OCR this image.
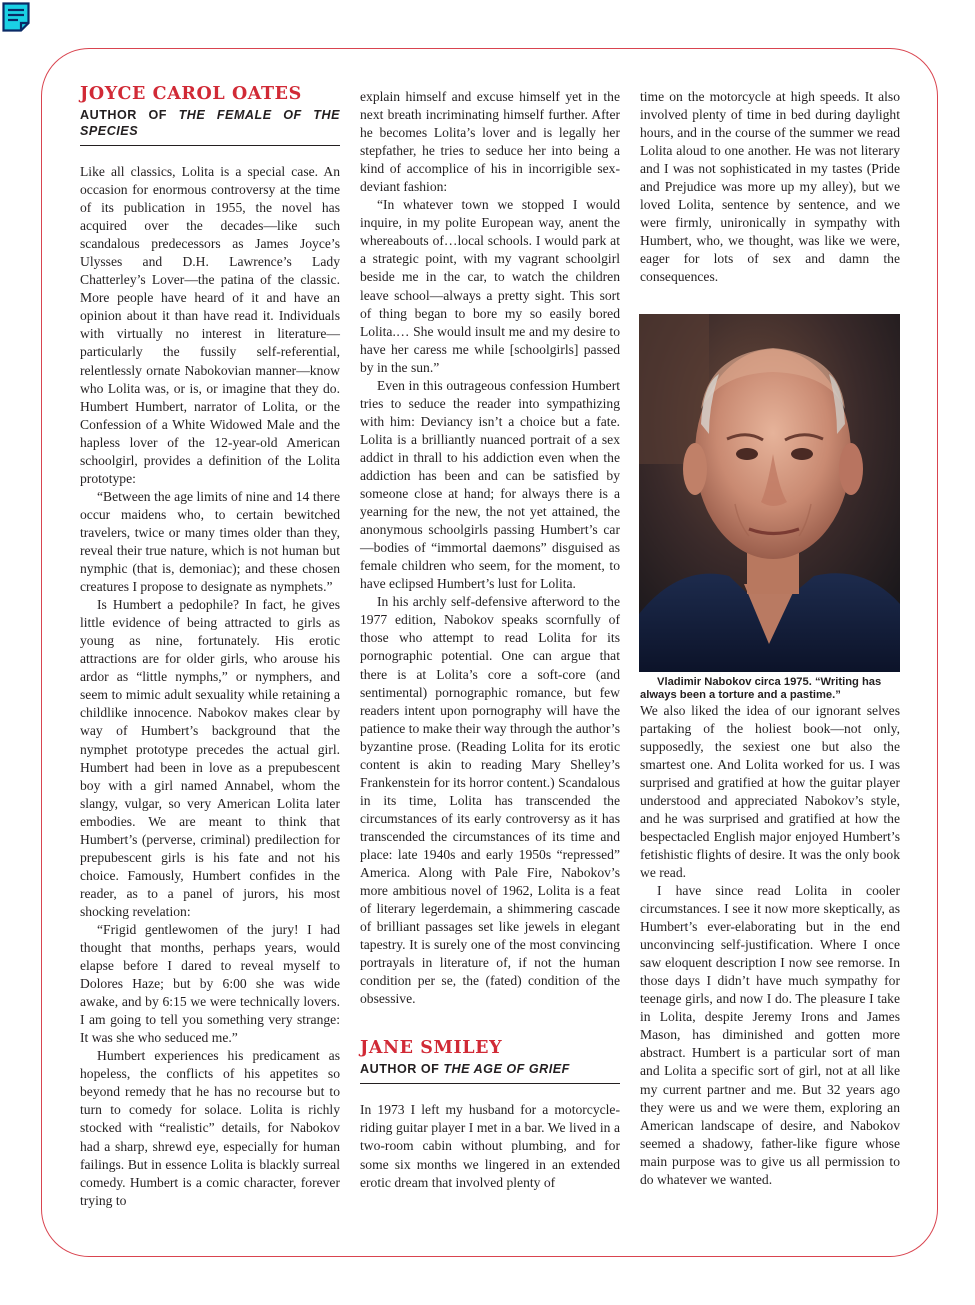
JOYCE CAROL OATES
AUTHOR OF THE FEMALE OF THE SPECIES

Like all classics, Lolita is a special case. An occasion for enormous controversy at the time of its publication in 1955, the novel has acquired over the decades—like such scandalous predecessors as James Joyce’s Ulysses and D.H. Lawrence’s Lady Chatterley’s Lover—the patina of the classic. More people have heard of it and have an opinion about it than have read it. Individuals with virtually no interest in literature—particularly the fussily self-referential, relentlessly ornate Nabokovian manner—know who Lolita was, or is, or imagine that they do. Humbert Humbert, narrator of Lolita, or the Confession of a White Widowed Male and the hapless lover of the 12-year-old American schoolgirl, provides a definition of the Lolita prototype:

“Between the age limits of nine and 14 there occur maidens who, to certain bewitched travelers, twice or many times older than they, reveal their true nature, which is not human but nymphic (that is, demoniac); and these chosen creatures I propose to designate as nymphets.”

Is Humbert a pedophile? In fact, he gives little evidence of being attracted to girls as young as nine, fortunately. His erotic attractions are for older girls, who arouse his ardor as “little nymphs,” or nymphers, and seem to mimic adult sexuality while retaining a childlike innocence. Nabokov makes clear by way of Humbert’s background that the nymphet prototype precedes the actual girl. Humbert had been in love as a prepubescent boy with a girl named Annabel, whom the slangy, vulgar, so very American Lolita later embodies. We are meant to think that Humbert’s (perverse, criminal) predilection for prepubescent girls is his fate and not his choice. Famously, Humbert confides in the reader, as to a panel of jurors, his most shocking revelation:

“Frigid gentlewomen of the jury! I had thought that months, perhaps years, would elapse before I dared to reveal myself to Dolores Haze; but by 6:00 she was wide awake, and by 6:15 we were technically lovers. I am going to tell you something very strange: It was she who seduced me.”

Humbert experiences his predicament as hopeless, the conflicts of his appetites so beyond remedy that he has no recourse but to turn to comedy for solace. Lolita is richly stocked with “realistic” details, for Nabokov had a sharp, shrewd eye, especially for human failings. But in essence Lolita is blackly surreal comedy. Humbert is a comic character, forever trying to

explain himself and excuse himself yet in the next breath incriminating himself further. After he becomes Lolita’s lover and is legally her stepfather, he tries to seduce her into being a kind of accomplice of his in incorrigible sex-deviant fashion:

“In whatever town we stopped I would inquire, in my polite European way, anent the whereabouts of…local schools. I would park at a strategic point, with my vagrant schoolgirl beside me in the car, to watch the children leave school—always a pretty sight. This sort of thing began to bore my so easily bored Lolita.… She would insult me and my desire to have her caress me while [schoolgirls] passed by in the sun.”

Even in this outrageous confession Humbert tries to seduce the reader into sympathizing with him: Deviancy isn’t a choice but a fate. Lolita is a brilliantly nuanced portrait of a sex addict in thrall to his addiction even when the addiction has been and can be satisfied by someone close at hand; for always there is a yearning for the new, the not yet attained, the anonymous schoolgirls passing Humbert’s car—bodies of “immortal daemons” disguised as female children who seem, for the moment, to have eclipsed Humbert’s lust for Lolita.

In his archly self-defensive afterword to the 1977 edition, Nabokov speaks scornfully of those who attempt to read Lolita for its pornographic potential. One can argue that there is at Lolita’s core a soft-core (and sentimental) pornographic romance, but few readers intent upon pornography will have the patience to make their way through the author’s byzantine prose. (Reading Lolita for its erotic content is akin to reading Mary Shelley’s Frankenstein for its horror content.) Scandalous in its time, Lolita has transcended the circumstances of its early controversy as it has transcended the circumstances of its time and place: late 1940s and early 1950s “repressed” America. Along with Pale Fire, Nabokov’s more ambitious novel of 1962, Lolita is a feat of literary legerdemain, a shimmering cascade of brilliant passages set like jewels in elegant tapestry. It is surely one of the most convincing portrayals in literature of, if not the human condition per se, the (fated) condition of the obsessive.

JANE SMILEY
AUTHOR OF THE AGE OF GRIEF

In 1973 I left my husband for a motorcycle-riding guitar player I met in a bar. We lived in a two-room cabin without plumbing, and for some six months we lingered in an extended erotic dream that involved plenty of

time on the motorcycle at high speeds. It also involved plenty of time in bed during daylight hours, and in the course of the summer we read Lolita aloud to one another. He was not literary and I was not sophisticated in my tastes (Pride and Prejudice was more up my alley), but we loved Lolita, sentence by sentence, and we were firmly, unironically in sympathy with Humbert, who, we thought, was like we were, eager for lots of sex and damn the consequences.

Vladimir Nabokov circa 1975. “Writing has always been a torture and a pastime.”

We also liked the idea of our ignorant selves partaking of the holiest book—not only, supposedly, the sexiest one but also the smartest one. And Lolita worked for us. I was surprised and gratified at how the guitar player understood and appreciated Nabokov’s style, and he was surprised and gratified at how the bespectacled English major enjoyed Humbert’s fetishistic flights of desire. It was the only book we read.

I have since read Lolita in cooler circumstances. I see it now more skeptically, as Humbert’s ever-elaborating but in the end unconvincing self-justification. Where I once saw eloquent description I now see remorse. In those days I didn’t have much sympathy for teenage girls, and now I do. The pleasure I take in Lolita, despite Jeremy Irons and James Mason, has diminished and gotten more abstract. Humbert is a particular sort of man and Lolita a specific sort of girl, not at all like my current partner and me. But 32 years ago they were us and we were them, exploring an American landscape of desire, and Nabokov seemed a shadowy, father-like figure whose main purpose was to give us all permission to do whatever we wanted.
